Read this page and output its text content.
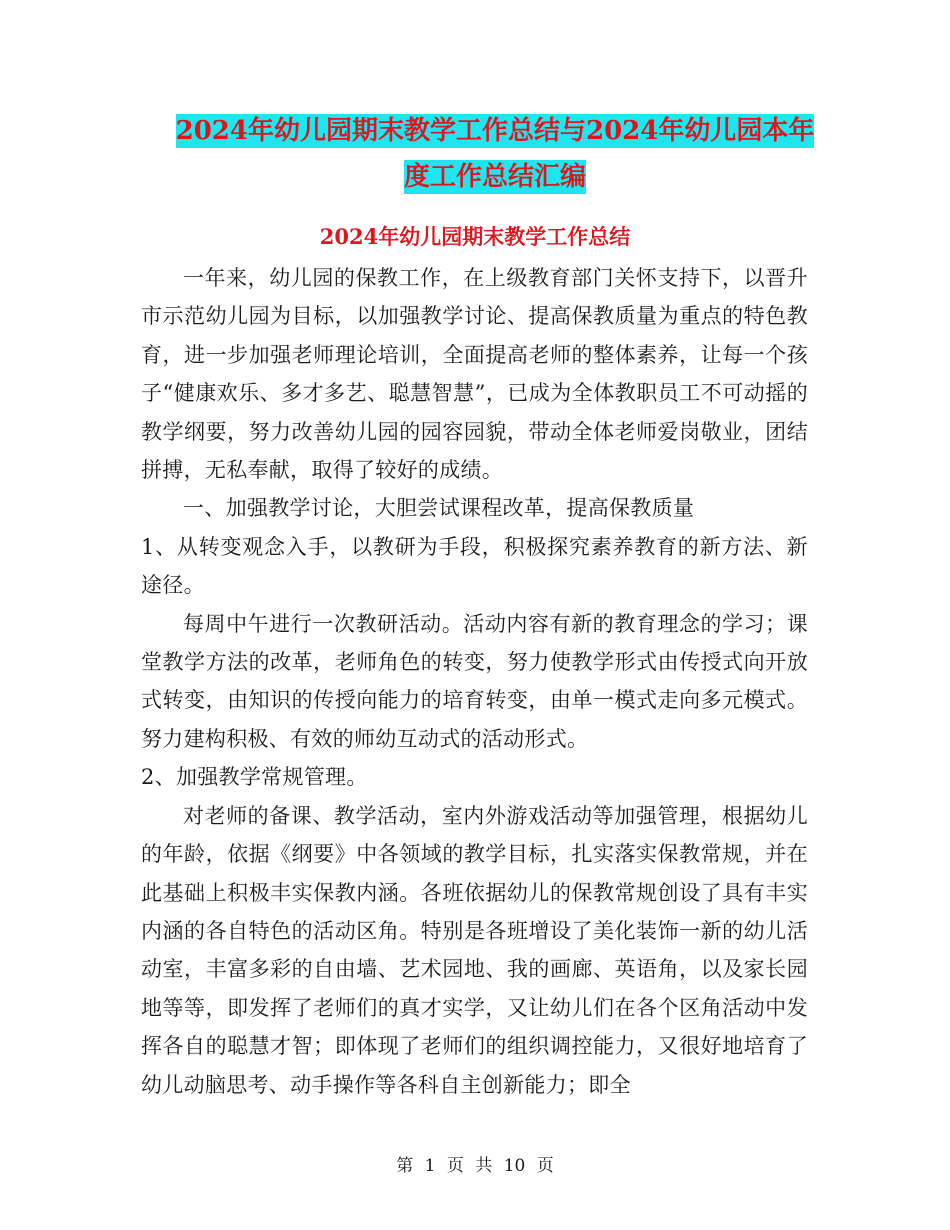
2024年幼儿园期末教学工作总结与2024年幼儿园本年
度工作总结汇编
2024年幼儿园期末教学工作总结

一年来，幼儿园的保教工作，在上级教育部门关怀支持下，以晋升市示范幼儿园为目标，以加强教学讨论、提高保教质量为重点的特色教育，进一步加强老师理论培训，全面提高老师的整体素养，让每一个孩子“健康欢乐、多才多艺、聪慧智慧”，已成为全体教职员工不可动摇的教学纲要，努力改善幼儿园的园容园貌，带动全体老师爱岗敬业，团结拼搏，无私奉献，取得了较好的成绩。

一、加强教学讨论，大胆尝试课程改革，提高保教质量

1、从转变观念入手，以教研为手段，积极探究素养教育的新方法、新途径。

每周中午进行一次教研活动。活动内容有新的教育理念的学习；课堂教学方法的改革，老师角色的转变，努力使教学形式由传授式向开放式转变，由知识的传授向能力的培育转变，由单一模式走向多元模式。努力建构积极、有效的师幼互动式的活动形式。

2、加强教学常规管理。

对老师的备课、教学活动，室内外游戏活动等加强管理，根据幼儿的年龄，依据《纲要》中各领域的教学目标，扎实落实保教常规，并在此基础上积极丰实保教内涵。各班依据幼儿的保教常规创设了具有丰实内涵的各自特色的活动区角。特别是各班增设了美化装饰一新的幼儿活动室，丰富多彩的自由墙、艺术园地、我的画廊、英语角，以及家长园地等等，即发挥了老师们的真才实学，又让幼儿们在各个区角活动中发挥各自的聪慧才智；即体现了老师们的组织调控能力，又很好地培育了幼儿动脑思考、动手操作等各科自主创新能力；即全

第 1 页 共 10 页
